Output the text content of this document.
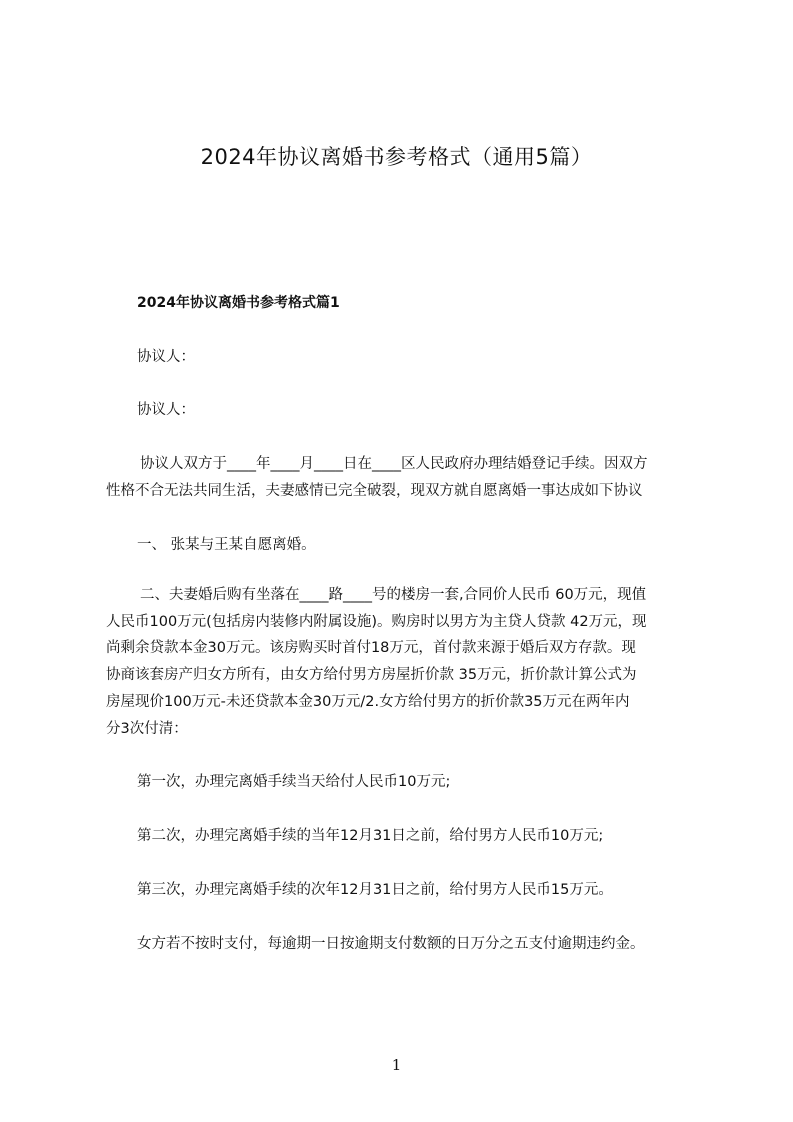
2024年协议离婚书参考格式（通用5篇）
2024年协议离婚书参考格式篇1
协议人：
协议人：
协议人双方于____年____月____日在____区人民政府办理结婚登记手续。因双方
性格不合无法共同生活，夫妻感情已完全破裂，现双方就自愿离婚一事达成如下协议
一、 张某与王某自愿离婚。
二、夫妻婚后购有坐落在____路____号的楼房一套,合同价人民币 60万元，现值
人民币100万元(包括房内装修内附属设施)。购房时以男方为主贷人贷款 42万元，现
尚剩余贷款本金30万元。该房购买时首付18万元，首付款来源于婚后双方存款。现
协商该套房产归女方所有，由女方给付男方房屋折价款 35万元，折价款计算公式为
房屋现价100万元-未还贷款本金30万元/2.女方给付男方的折价款35万元在两年内
分3次付清：
第一次，办理完离婚手续当天给付人民币10万元;
第二次，办理完离婚手续的当年12月31日之前，给付男方人民币10万元;
第三次，办理完离婚手续的次年12月31日之前，给付男方人民币15万元。
女方若不按时支付，每逾期一日按逾期支付数额的日万分之五支付逾期违约金。
1
